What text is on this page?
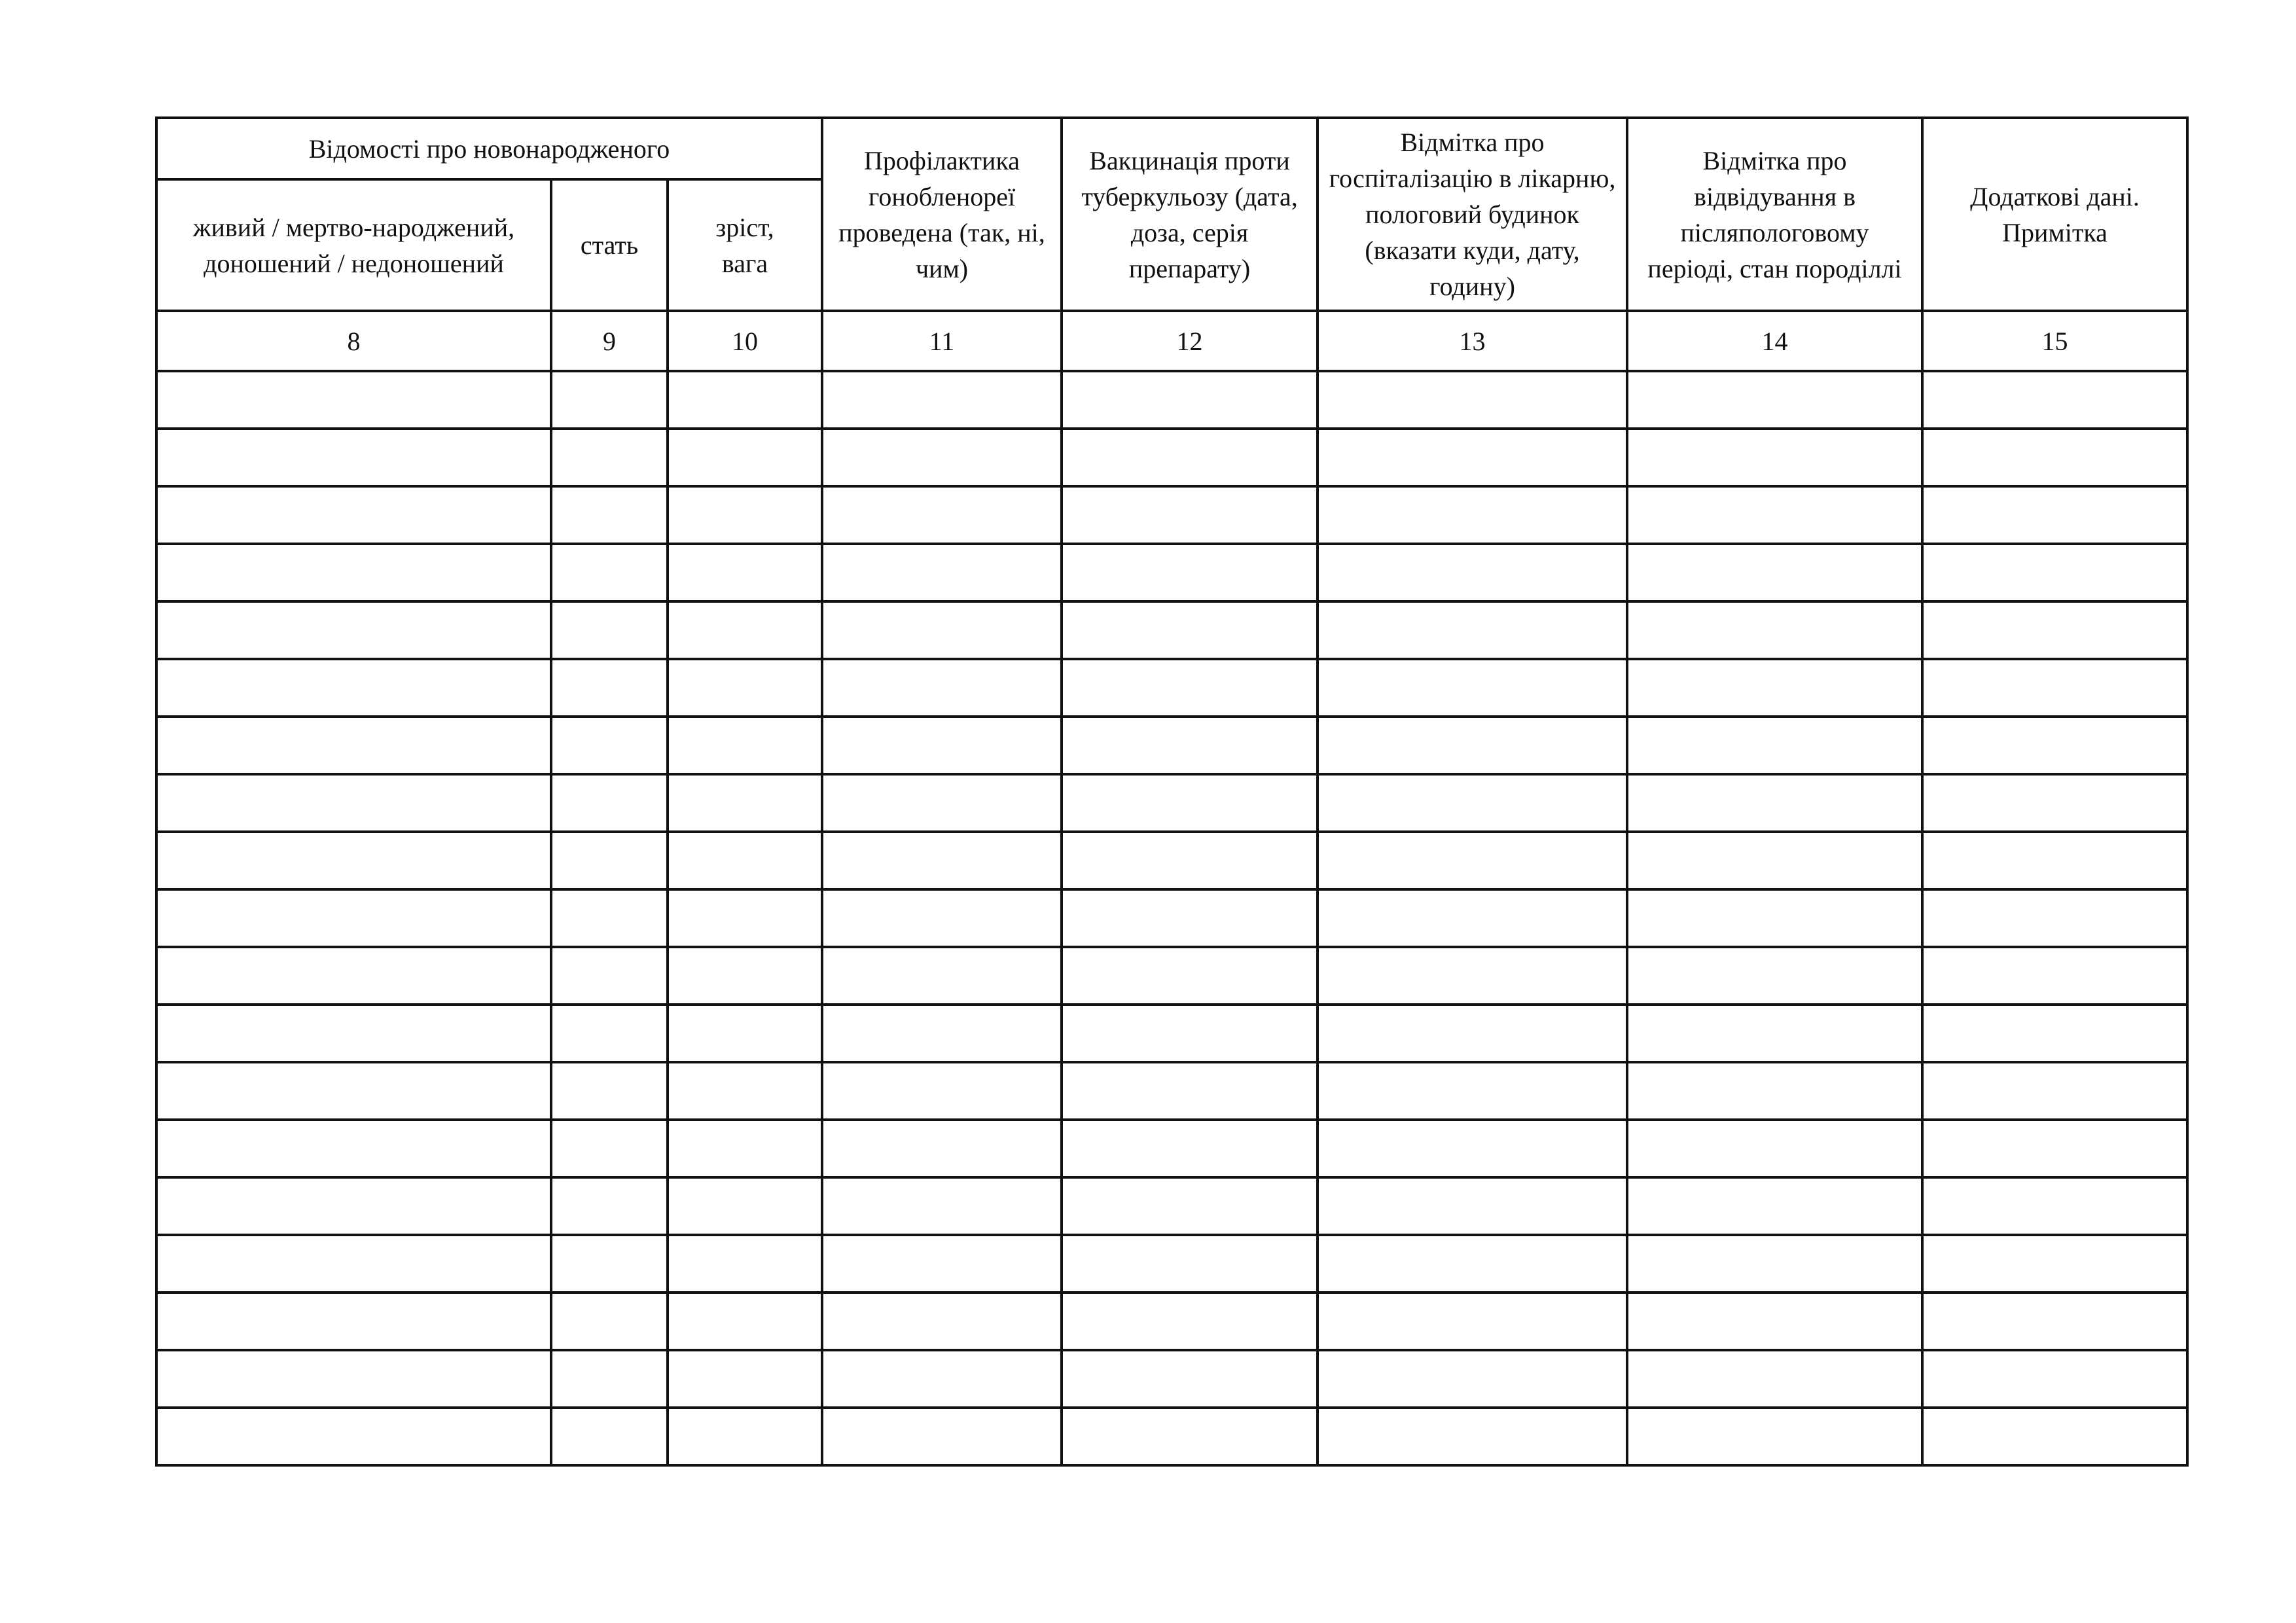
Відомості про новонародженого			Профілактика гонобленореї проведена (так, ні, чим)	Вакцинація проти туберкульозу (дата, доза, серія препарату)	Відмітка про госпіталізацію в лікарню, пологовий будинок (вказати куди, дату, годину)	Відмітка про відвідування в післяпологовому періоді, стан породіллі	Додаткові дані. Примітка
живий / мертво-народжений, доношений / недоношений	стать	зріст, вага					
8	9	10	11	12	13	14	15
